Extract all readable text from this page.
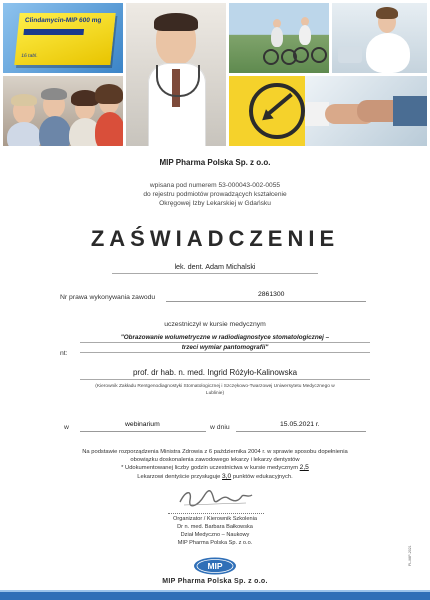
Clindamycin-MIP 600 mg
16 tabl.
MIP Pharma Polska Sp. z o.o.
wpisana pod numerem 53-000043-002-0055
do rejestru podmiotów prowadzących kształcenie
Okręgowej Izby Lekarskiej w Gdańsku
ZAŚWIADCZENIE
lek. dent. Adam Michalski
Nr prawa wykonywania zawodu	2861300
uczestniczył w kursie medycznym
nt:
"Obrazowanie wolumetryczne w radiodiagnostyce stomatologicznej –
trzeci wymiar pantomografii"
prof. dr hab. n. med. Ingrid Różyło-Kalinowska
(Kierownik Zakładu Rentgenodiagnostyki Stomatologicznej i Szczękowo-Twarzowej Uniwersytetu Medycznego w
Lublinie)
w	webinarium	w dniu	15.05.2021 r.
Na podstawie rozporządzenia Ministra Zdrowia z 6 października 2004 r. w sprawie sposobu dopełnienia
obowiązku doskonalenia zawodowego lekarzy i lekarzy dentystów
* Udokumentowanej liczby godzin uczestnictwa w kursie medycznym 2,5
Lekarzowi dentyście przysługuje 3,0 punktów edukacyjnych.
Organizator / Kierownik Szkolenia
Dr n. med. Barbara Bałkowska
Dział Medyczno – Naukowy
MIP Pharma Polska Sp. z o.o.
MIP
MIP Pharma Polska Sp. z o.o.
PL-MIP-2021
